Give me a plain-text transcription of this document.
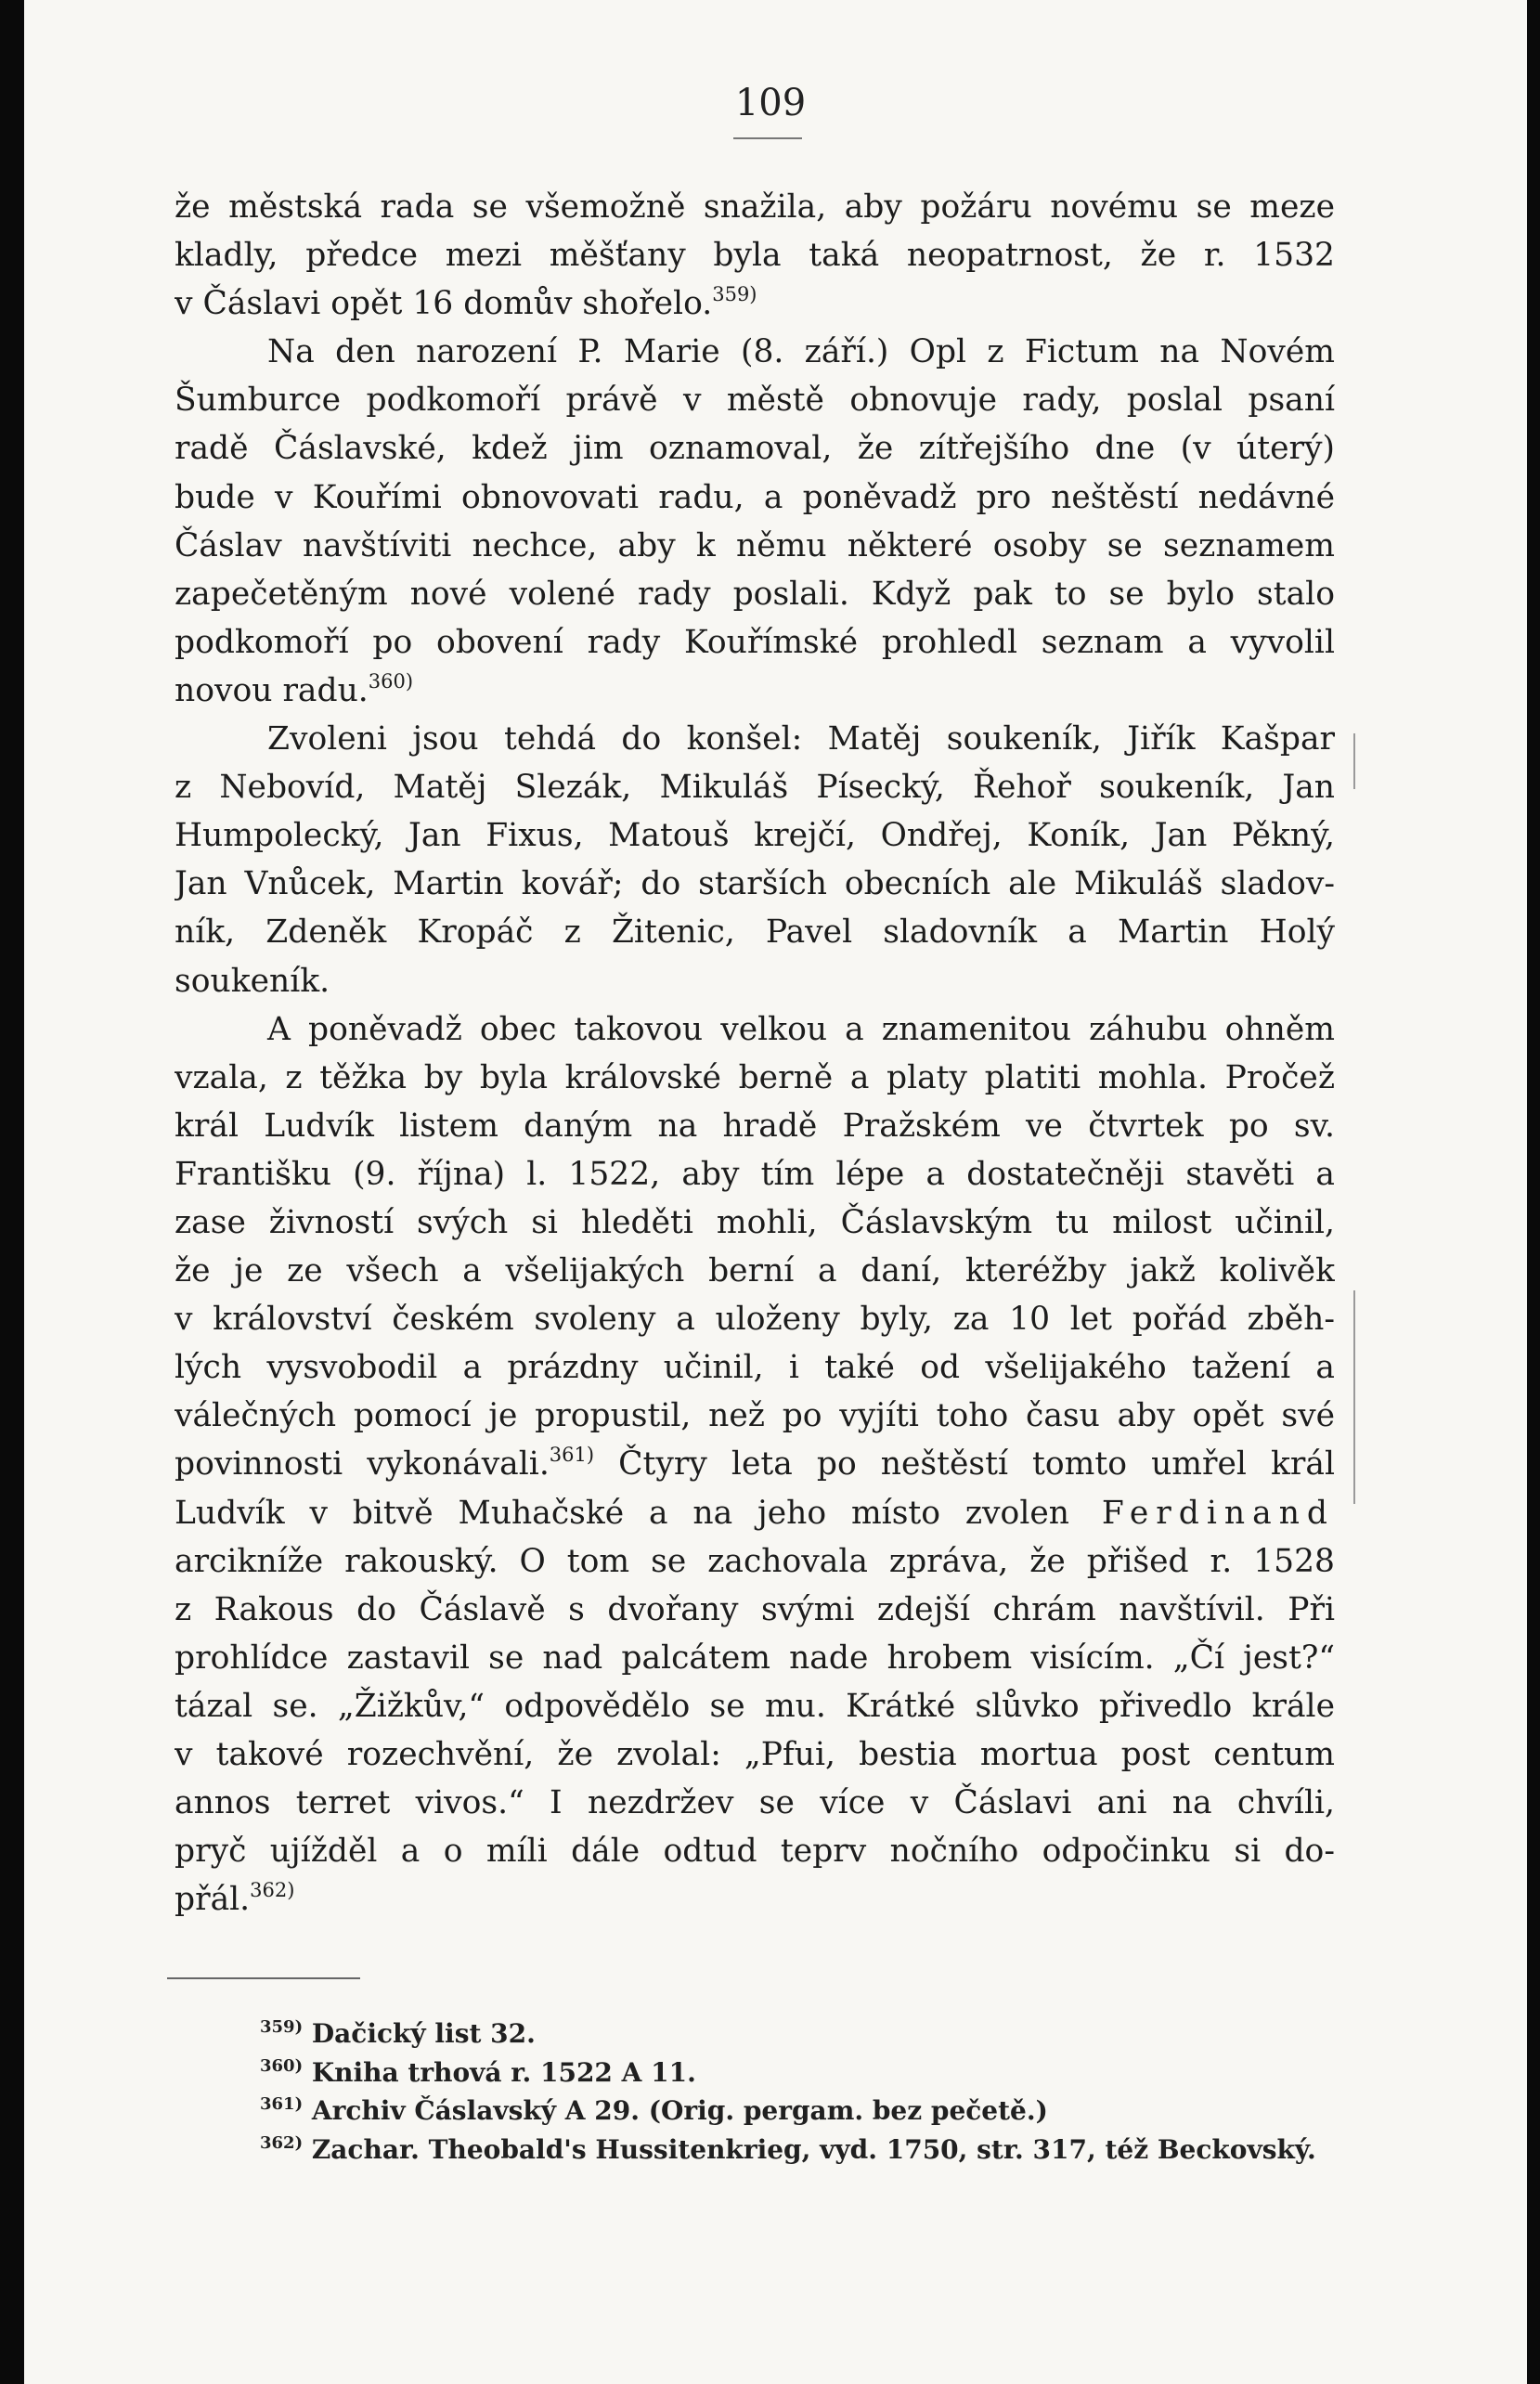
109
že městská rada se všemožně snažila, aby požáru novému se meze
kladly, předce mezi měšťany byla taká neopatrnost, že r. 1532
v Čáslavi opět 16 domův shořelo.$^{359)}$
Na den narození P. Marie (8. září.) Opl z Fictum na Novém
Šumburce podkomoří právě v městě obnovuje rady, poslal psaní
radě Čáslavské, kdež jim oznamoval, že zítřejšího dne (v úterý)
bude v Kouřími obnovovati radu, a poněvadž pro neštěstí nedávné
Čáslav navštíviti nechce, aby k němu některé osoby se seznamem
zapečetěným nové volené rady poslali. Když pak to se bylo stalo
podkomoří po obovení rady Kouřímské prohledl seznam a vyvolil
novou radu.$^{360)}$
Zvoleni jsou tehdá do konšel: Matěj soukeník, Jiřík Kašpar
z Nebovíd, Matěj Slezák, Mikuláš Písecký, Řehoř soukeník, Jan
Humpolecký, Jan Fixus, Matouš krejčí, Ondřej, Koník, Jan Pěkný,
Jan Vnůcek, Martin kovář; do starších obecních ale Mikuláš sladov-
ník, Zdeněk Kropáč z Žitenic, Pavel sladovník a Martin Holý
soukeník.
A poněvadž obec takovou velkou a znamenitou záhubu ohněm
vzala, z těžka by byla královské berně a platy platiti mohla. Pročež
král Ludvík listem daným na hradě Pražském ve čtvrtek po sv.
Františku (9. října) l. 1522, aby tím lépe a dostatečněji stavěti a
zase živností svých si hleděti mohli, Čáslavským tu milost učinil,
že je ze všech a všelijakých berní a daní, kteréžby jakž kolivěk
v království českém svoleny a uloženy byly, za 10 let pořád zběh-
lých vysvobodil a prázdny učinil, i také od všelijakého tažení a
válečných pomocí je propustil, než po vyjíti toho času aby opět své
povinnosti vykonávali.$^{361)}$ Čtyry leta po neštěstí tomto umřel král
Ludvík v bitvě Muhačské a na jeho místo zvolen Ferdinand
arcikníže rakouský. O tom se zachovala zpráva, že přišed r. 1528
z Rakous do Čáslavě s dvořany svými zdejší chrám navštívil. Při
prohlídce zastavil se nad palcátem nade hrobem visícím. „Čí jest?“
tázal se. „Žižkův,“ odpovědělo se mu. Krátké slůvko přivedlo krále
v takové rozechvění, že zvolal: „Pfui, bestia mortua post centum
annos terret vivos.“ I nezdržev se více v Čáslavi ani na chvíli,
pryč ujížděl a o míli dále odtud teprv nočního odpočinku si do-
přál.$^{362)}$
$^{359)}$ Dačický list 32.
$^{360)}$ Kniha trhová r. 1522 A 11.
$^{361)}$ Archiv Čáslavský A 29. (Orig. pergam. bez pečetě.)
$^{362)}$ Zachar. Theobald's Hussitenkrieg, vyd. 1750, str. 317, též Beckovský.
